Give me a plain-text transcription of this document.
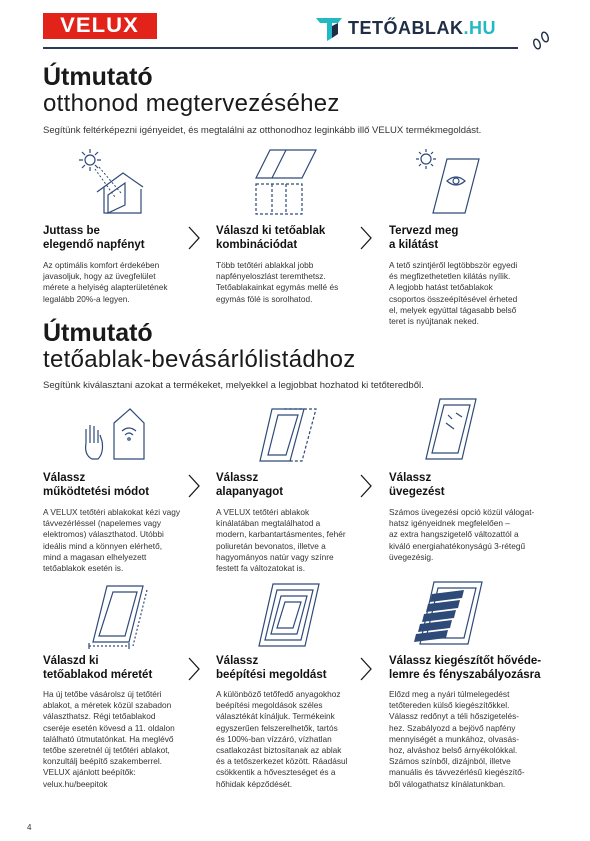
VELUX	TETŐABLAK.HU
Útmutató
otthonod megtervezéséhez
Segítünk feltérképezni igényeidet, és megtalálni az otthonodhoz leginkább illő VELUX termékmegoldást.
Juttass be
elegendő napfényt
Válaszd ki tetőablak
kombinációdat
Tervezd meg
a kilátást
Az optimális komfort érdekében
javasoljuk, hogy az üvegfelület
mérete a helyiség alapterületének
legalább 20%-a legyen.
Több tetőtéri ablakkal jobb
napfényeloszlást teremthetsz.
Tetőablakainkat egymás mellé és
egymás fölé is sorolhatod.
A tető szintjéről legtöbbször egyedi
és megfizethetetlen kilátás nyílik.
A legjobb hatást tetőablakok
csoportos összeépítésével érheted
el, melyek egyúttal tágasabb belső
teret is nyújtanak neked.
Útmutató
tetőablak-bevásárlólistádhoz
Segítünk kiválasztani azokat a termékeket, melyekkel a legjobbat hozhatod ki tetőteredből.
Válassz
működtetési módot
Válassz
alapanyagot
Válassz
üvegezést
A VELUX tetőtéri ablakokat kézi vagy
távvezérléssel (napelemes vagy
elektromos) választhatod. Utóbbi
ideális mind a könnyen elérhető,
mind a magasan elhelyezett
tetőablakok esetén is.
A VELUX tetőtéri ablakok
kínálatában megtalálhatod a
modern, karbantartásmentes, fehér
poliuretán bevonatos, illetve a
hagyományos natúr vagy színre
festett fa változatokat is.
Számos üvegezési opció közül válogat-
hatsz igényeidnek megfelelően –
az extra hangszigetelő változattól a
kiváló energiahatékonyságú 3-rétegű
üvegezésig.
Válaszd ki
tetőablakod méretét
Válassz
beépítési megoldást
Válassz kiegészítőt hővéde-
lemre és fényszabályozásra
Ha új tetőbe vásárolsz új tetőtéri
ablakot, a méretek közül szabadon
választhatsz. Régi tetőablakod
cseréje esetén kövesd a 11. oldalon
található útmutatónkat. Ha meglévő
tetőbe szeretnél új tetőtéri ablakot,
konzultálj beépítő szakemberrel.
VELUX ajánlott beépítők:
velux.hu/beepitok
A különböző tetőfedő anyagokhoz
beépítési megoldások széles
választékát kínáljuk. Termékeink
egyszerűen felszerelhetők, tartós
és 100%-ban vízzáró, vízhatlan
csatlakozást biztosítanak az ablak
és a tetőszerkezet között. Ráadásul
csökkentik a hőveszteséget és a
hőhidak képződését.
Előzd meg a nyári túlmelegedést
tetőtereden külső kiegészítőkkel.
Válassz redőnyt a téli hőszigetelés-
hez. Szabályozd a bejövő napfény
mennyiségét a munkához, olvasás-
hoz, alváshoz belső árnyékolókkal.
Számos színből, dizájnból, illetve
manuális és távvezérlésű kiegészítő-
ből válogathatsz kínálatunkban.
4
